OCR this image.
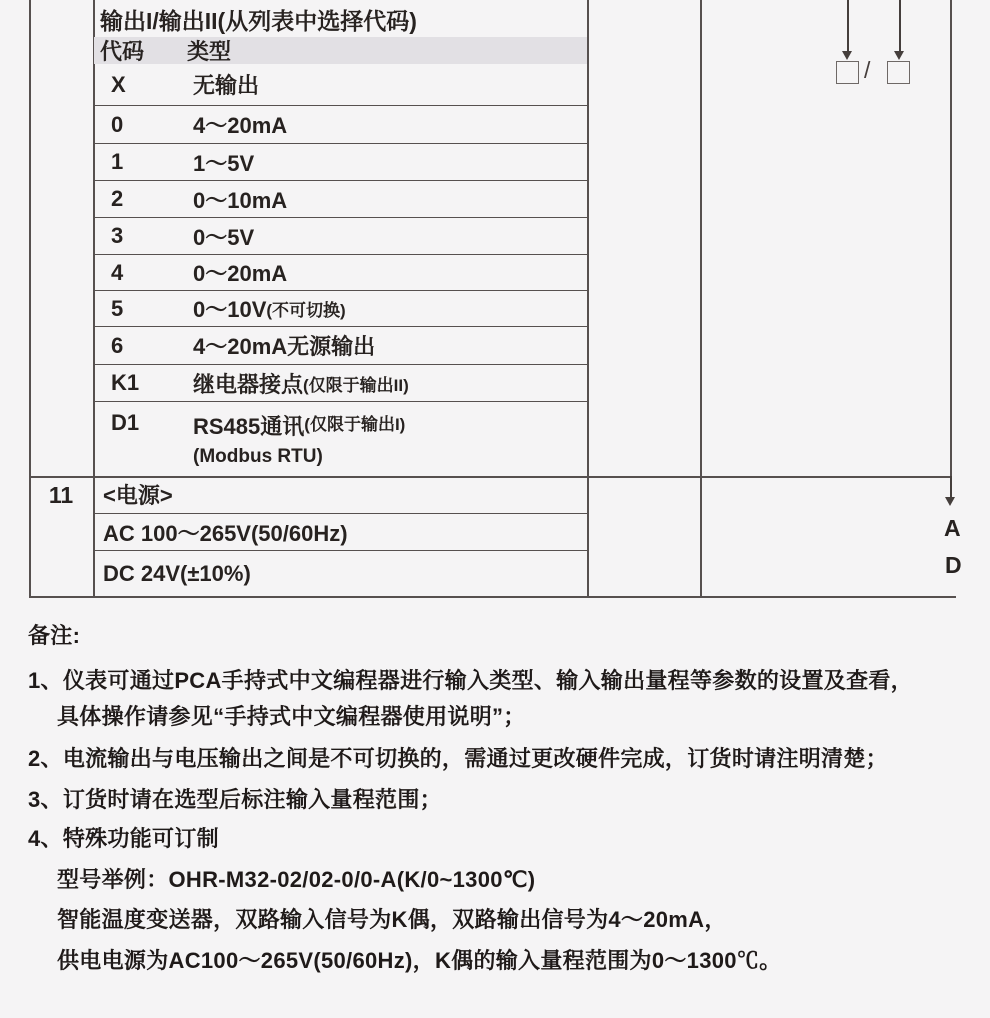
输出I/输出II(从列表中选择代码)
代码	类型
X	无输出
0	4～20mA
1	1～5V
2	0～10mA
3	0～5V
4	0～20mA
5	0～10V (不可切换)
6	4～20mA无源输出
K1	继电器接点 (仅限于输出II)
D1	RS485通讯 (仅限于输出I)
(Modbus RTU)
11	<电源>
AC 100～265V(50/60Hz)
DC 24V(±10%)
/
A
D
备注:
1、仪表可通过PCA手持式中文编程器进行输入类型、输入输出量程等参数的设置及查看，
具体操作请参见“手持式中文编程器使用说明”；
2、电流输出与电压输出之间是不可切换的，需通过更改硬件完成，订货时请注明清楚；
3、订货时请在选型后标注输入量程范围；
4、特殊功能可订制
型号举例：OHR-M32-02/02-0/0-A(K/0~1300℃)
智能温度变送器，双路输入信号为K偶，双路输出信号为4～20mA，
供电电源为AC100～265V(50/60Hz)，K偶的输入量程范围为0～1300℃。
